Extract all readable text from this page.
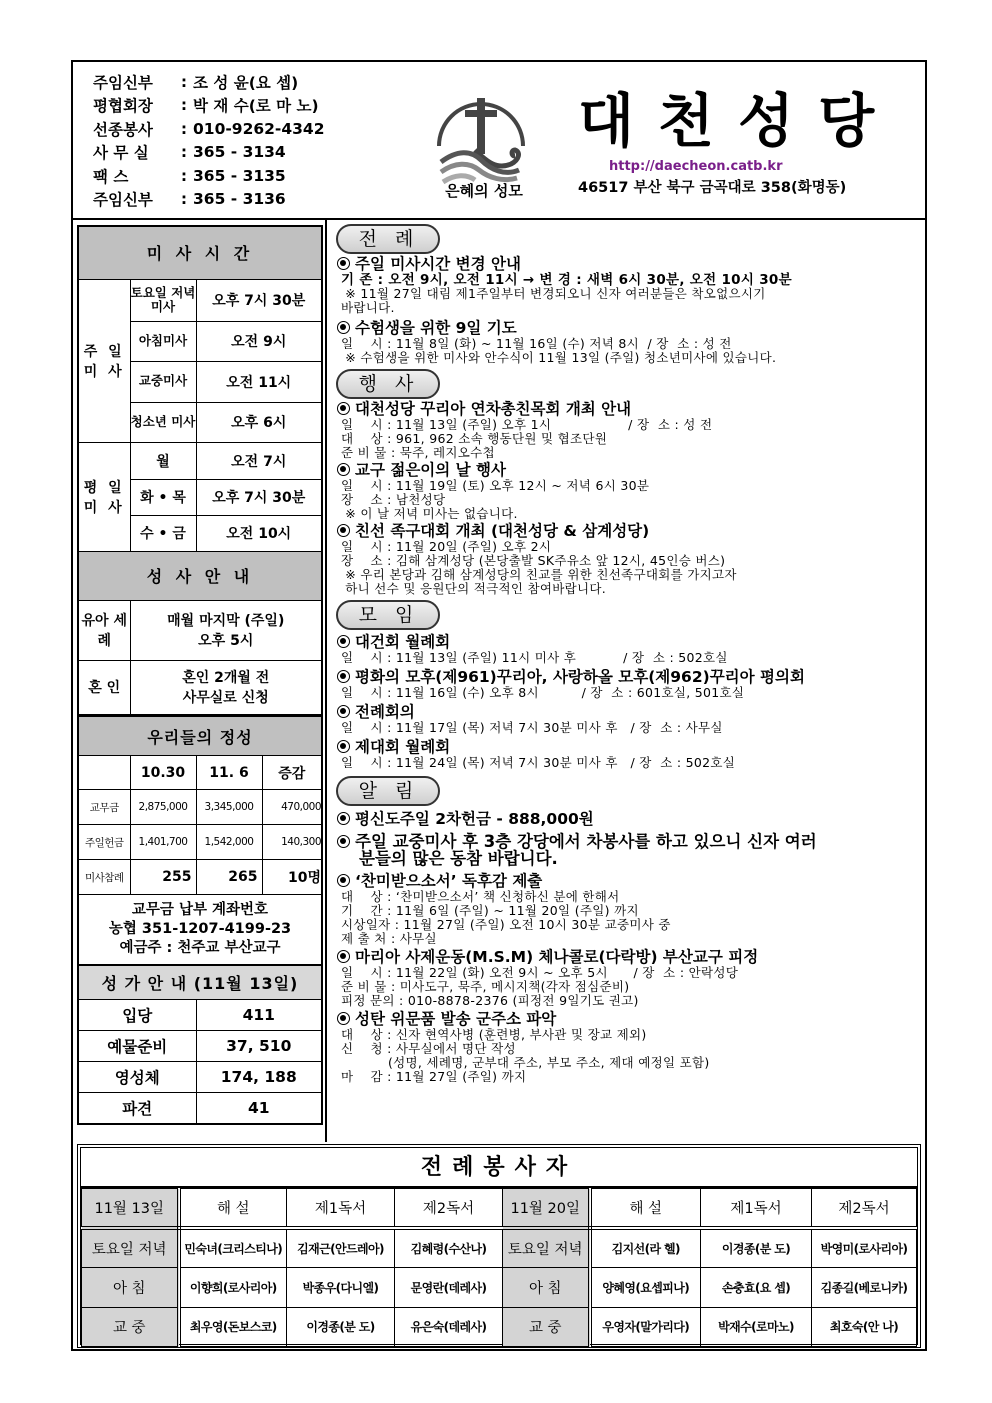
주임신부	: 조 성 윤(요 셉)
평협회장	: 박 재 수(로 마 노)
선종봉사	: 010-9262-4342
사 무 실	: 365 - 3134
팩 스	: 365 - 3135
주임신부	: 365 - 3136	은혜의 성모
대천성당
http://daecheon.catb.kr
46517 부산 북구 금곡대로 358(화명동)
미 사 시 간		
주 일 미 사	토요일 저녁미사	오후 7시 30분
	아침미사	오전 9시
	교중미사	오전 11시
	청소년 미사	오후 6시
평 일 미 사	월	오전 7시
	화 • 목	오후 7시 30분
	수 • 금	오전 10시
성 사 안 내		
유아 세례	매월 마지막 (주일)
오후 5시	

혼 인	혼인 2개월 전
사무실로 신청	
우리들의 정성			
	10.30	11. 6	증감
교무금	2,875,000	3,345,000	470,000
주일헌금	1,401,700	1,542,000	140,300
미사참례	255	265	10명

교무금 납부 계좌번호
농협 351-1207-4199-23
예금주 : 천주교 부산교구			
성 가 안 내 (11월 13일)	
입당	411
예물준비	37, 510
영성체	174, 188
파견	41
전례
주일 미사시간 변경 안내
기 존 : 오전 9시, 오전 11시 → 변 경 : 새벽 6시 30분, 오전 10시 30분
※ 11월 27일 대림 제1주일부터 변경되오니 신자 여러분들은 착오없으시기
바랍니다.
수험생을 위한 9일 기도
일    시 : 11월 8일 (화) ~ 11월 16일 (수) 저녁 8시  / 장  소 : 성 전
※ 수험생을 위한 미사와 안수식이 11월 13일 (주일) 청소년미사에 있습니다.
행사
대천성당 꾸리아 연차총친목회 개최 안내
일    시 : 11월 13일 (주일) 오후 1시                  / 장  소 : 성 전
대    상 : 961, 962 소속 행동단원 및 협조단원
준 비 물 : 묵주, 레지오수첩
교구 젊은이의 날 행사
일    시 : 11월 19일 (토) 오후 12시 ~ 저녁 6시 30분
장    소 : 남천성당
※ 이 날 저녁 미사는 없습니다.
친선 족구대회 개최 (대천성당 & 삼계성당)
일    시 : 11월 20일 (주일) 오후 2시
장    소 : 김해 삼계성당 (본당출발 SK주유소 앞 12시, 45인승 버스)
※ 우리 본당과 김해 삼계성당의 친교를 위한 친선족구대회를 가지고자
하니 선수 및 응원단의 적극적인 참여바랍니다.
모임
대건회 월례회
일    시 : 11월 13일 (주일) 11시 미사 후           / 장  소 : 502호실
평화의 모후(제961)꾸리아, 사랑하올 모후(제962)꾸리아 평의회
일    시 : 11월 16일 (수) 오후 8시          / 장  소 : 601호실, 501호실
전례회의
일    시 : 11월 17일 (목) 저녁 7시 30분 미사 후   / 장  소 : 사무실
제대회 월례회
일    시 : 11월 24일 (목) 저녁 7시 30분 미사 후   / 장  소 : 502호실
알림
평신도주일 2차헌금 - 888,000원
주일 교중미사 후 3층 강당에서 차봉사를 하고 있으니 신자 여러
분들의 많은 동참 바랍니다.
‘찬미받으소서’ 독후감 제출
대    상 : ‘찬미받으소서’ 책 신청하신 분에 한해서
기    간 : 11월 6일 (주일) ~ 11월 20일 (주일) 까지
시상일자 : 11월 27일 (주일) 오전 10시 30분 교중미사 중
제 출 처 : 사무실
마리아 사제운동(M.S.M) 체나콜로(다락방) 부산교구 피정
일    시 : 11월 22일 (화) 오전 9시 ~ 오후 5시      / 장  소 : 안락성당
준 비 물 : 미사도구, 묵주, 메시지책(각자 점심준비)
피정 문의 : 010-8878-2376 (피정전 9일기도 권고)
성탄 위문품 발송 군주소 파악
대    상 : 신자 현역사병 (훈련병, 부사관 및 장교 제외)
신    청 : 사무실에서 명단 작성
(성명, 세례명, 군부대 주소, 부모 주소, 제대 예정일 포함)
마    감 : 11월 27일 (주일) 까지
전례봉사자
11월 13일	해 설	제1독서	제2독서	11월 20일	해 설	제1독서	제2독서
토요일 저녁	민숙녀(크리스티나)	김재근(안드레아)	김혜령(수산나)	토요일 저녁	김지선(라 헬)	이경종(분 도)	박영미(로사리아)
아 침	이향희(로사리아)	박종우(다니엘)	문영란(데레사)	아 침	양혜영(요셉피나)	손충효(요 셉)	김종길(베로니카)
교 중	최우영(돈보스코)	이경종(분 도)	유은숙(데레사)	교 중	우영자(말가리다)	박재수(로마노)	최호숙(안 나)
